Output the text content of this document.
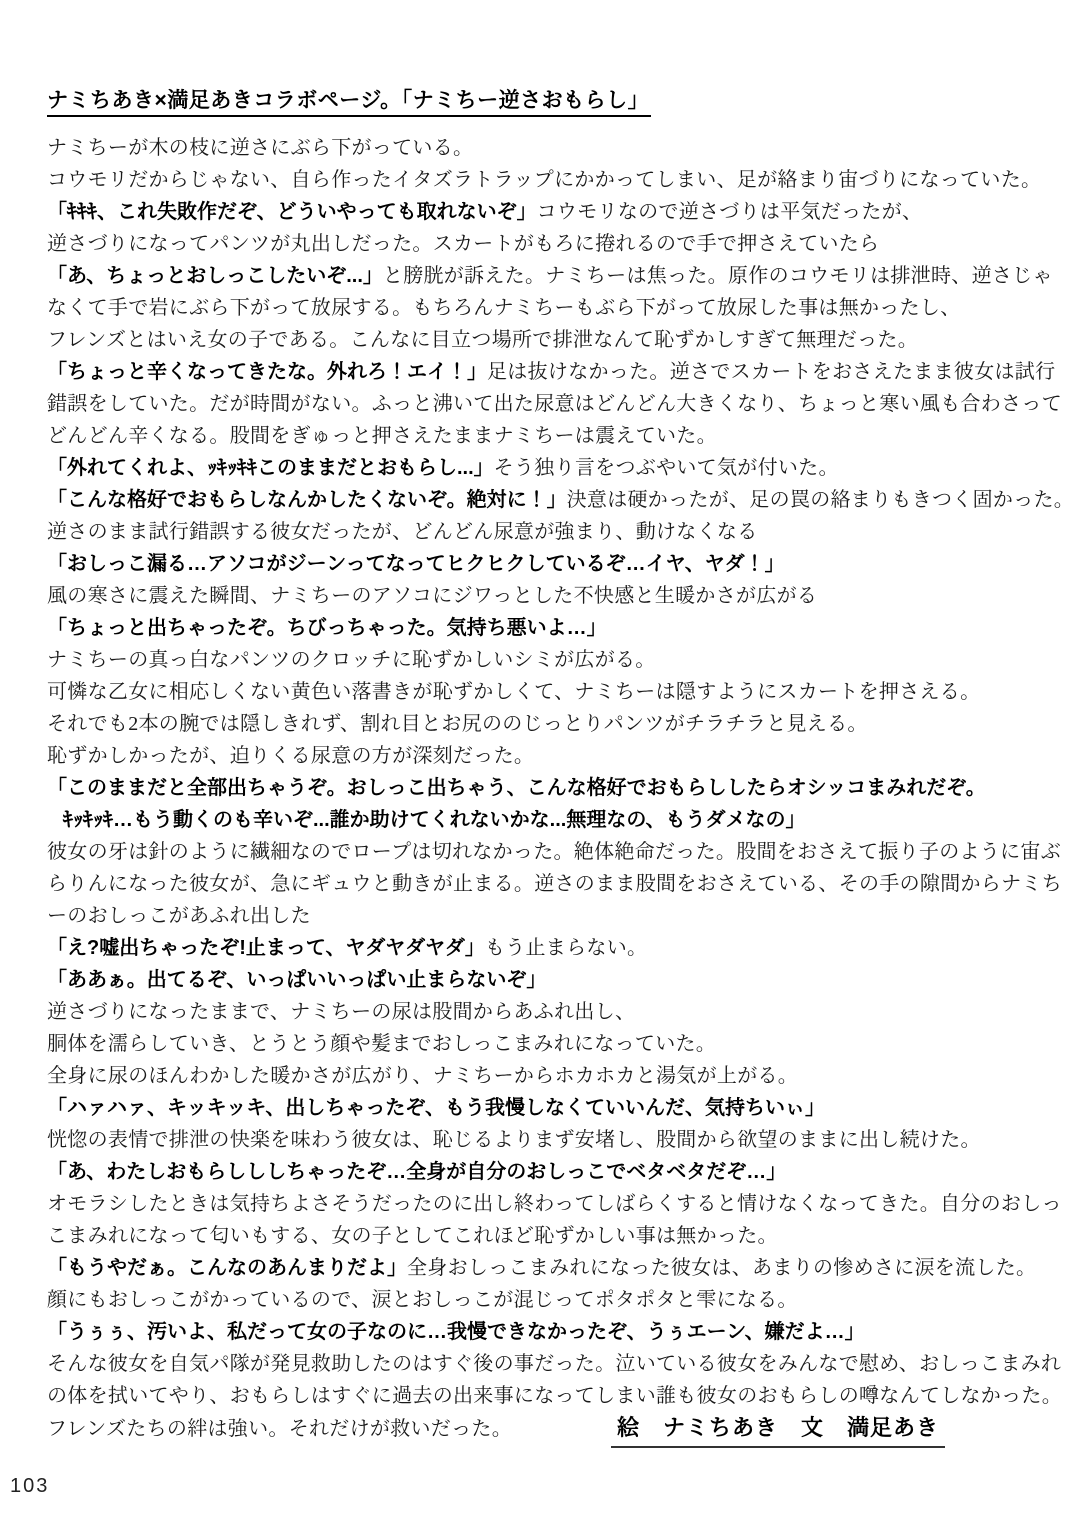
ナミちあき×満足あきコラボページ。「ナミちー逆さおもらし」
ナミちーが木の枝に逆さにぶら下がっている。
コウモリだからじゃない、自ら作ったイタズラトラップにかかってしまい、足が絡まり宙づりになっていた。
「ｷｷｷ、これ失敗作だぞ、どういやっても取れないぞ」コウモリなので逆さづりは平気だったが、
逆さづりになってパンツが丸出しだった。スカートがもろに捲れるので手で押さえていたら
「あ、ちょっとおしっこしたいぞ...」と膀胱が訴えた。ナミちーは焦った。原作のコウモリは排泄時、逆さじゃ
なくて手で岩にぶら下がって放尿する。もちろんナミちーもぶら下がって放尿した事は無かったし、
フレンズとはいえ女の子である。こんなに目立つ場所で排泄なんて恥ずかしすぎて無理だった。
「ちょっと辛くなってきたな。外れろ！エイ！」足は抜けなかった。逆さでスカートをおさえたまま彼女は試行
錯誤をしていた。だが時間がない。ふっと沸いて出た尿意はどんどん大きくなり、ちょっと寒い風も合わさって
どんどん辛くなる。股間をぎゅっと押さえたままナミちーは震えていた。
「外れてくれよ、ｯｷｯｷｷこのままだとおもらし...」そう独り言をつぶやいて気が付いた。
「こんな格好でおもらしなんかしたくないぞ。絶対に！」決意は硬かったが、足の罠の絡まりもきつく固かった。
逆さのまま試行錯誤する彼女だったが、どんどん尿意が強まり、動けなくなる
「おしっこ漏る…アソコがジーンってなってヒクヒクしているぞ…イヤ、ヤダ！」
風の寒さに震えた瞬間、ナミちーのアソコにジワっとした不快感と生暖かさが広がる
「ちょっと出ちゃったぞ。ちびっちゃった。気持ち悪いよ…」
ナミちーの真っ白なパンツのクロッチに恥ずかしいシミが広がる。
可憐な乙女に相応しくない黄色い落書きが恥ずかしくて、ナミちーは隠すようにスカートを押さえる。
それでも2本の腕では隠しきれず、割れ目とお尻ののじっとりパンツがチラチラと見える。
恥ずかしかったが、迫りくる尿意の方が深刻だった。
「このままだと全部出ちゃうぞ。おしっこ出ちゃう、こんな格好でおもらししたらオシッコまみれだぞ。
ｷｯｷｯｷ…もう動くのも辛いぞ...誰か助けてくれないかな...無理なの、もうダメなの」
彼女の牙は針のように繊細なのでロープは切れなかった。絶体絶命だった。股間をおさえて振り子のように宙ぶ
らりんになった彼女が、急にギュウと動きが止まる。逆さのまま股間をおさえている、その手の隙間からナミち
ーのおしっこがあふれ出した
「え?嘘出ちゃったぞ!止まって、ヤダヤダヤダ」もう止まらない。
「ああぁ。出てるぞ、いっぱいいっぱい止まらないぞ」
逆さづりになったままで、ナミちーの尿は股間からあふれ出し、
胴体を濡らしていき、とうとう顔や髪までおしっこまみれになっていた。
全身に尿のほんわかした暖かさが広がり、ナミちーからホカホカと湯気が上がる。
「ハァハァ、キッキッキ、出しちゃったぞ、もう我慢しなくていいんだ、気持ちいぃ」
恍惚の表情で排泄の快楽を味わう彼女は、恥じるよりまず安堵し、股間から欲望のままに出し続けた。
「あ、わたしおもらしししちゃったぞ…全身が自分のおしっこでベタベタだぞ…」
オモラシしたときは気持ちよさそうだったのに出し終わってしばらくすると情けなくなってきた。自分のおしっ
こまみれになって匂いもする、女の子としてこれほど恥ずかしい事は無かった。
「もうやだぁ。こんなのあんまりだよ」全身おしっこまみれになった彼女は、あまりの惨めさに涙を流した。
顔にもおしっこがかっているので、涙とおしっこが混じってポタポタと雫になる。
「うぅぅ、汚いよ、私だって女の子なのに…我慢できなかったぞ、うぅエーン、嫌だよ…」
そんな彼女を自気パ隊が発見救助したのはすぐ後の事だった。泣いている彼女をみんなで慰め、おしっこまみれ
の体を拭いてやり、おもらしはすぐに過去の出来事になってしまい誰も彼女のおもらしの噂なんてしなかった。
フレンズたちの絆は強い。それだけが救いだった。	絵　ナミちあき　文　満足あき
103
